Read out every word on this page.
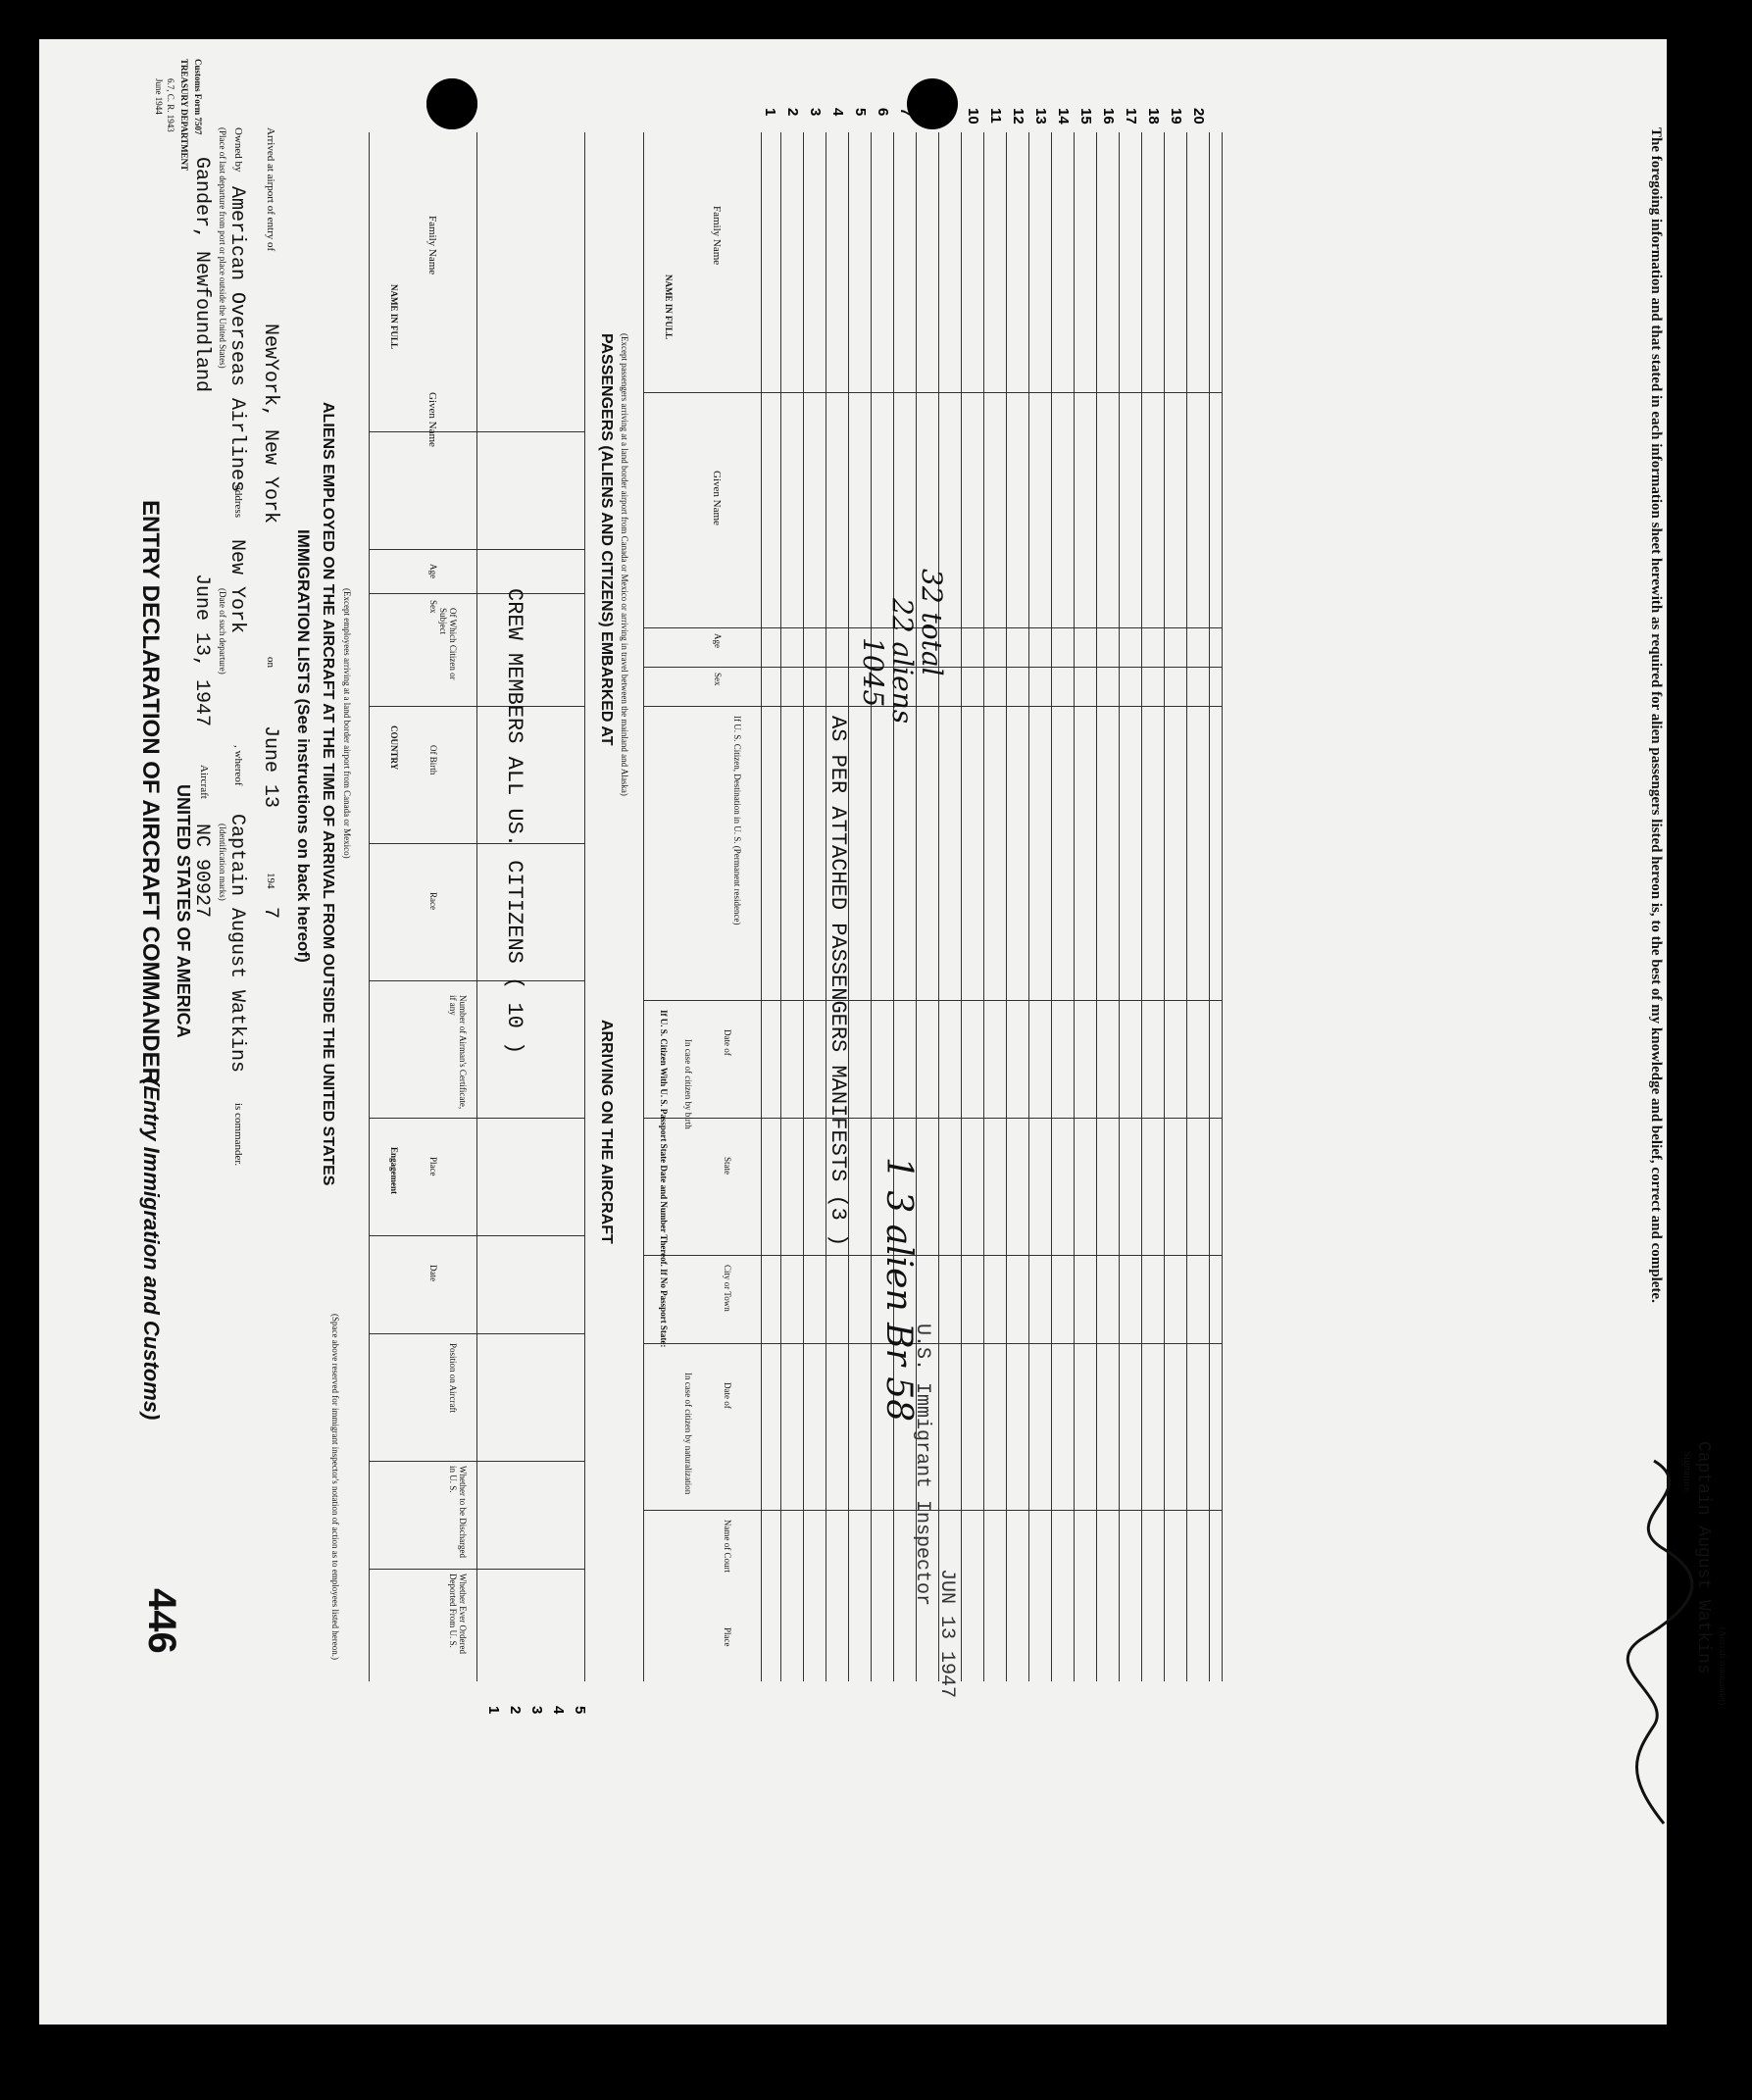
Customs Form 7507
TREASURY DEPARTMENT
6.7, C. R. 1943
June 1944
UNITED STATES OF AMERICA
ENTRY DECLARATION OF AIRCRAFT COMMANDER
(Entry Immigration and Customs)
446
Gander, Newfoundland (Place of last departure from port or place outside the United States)
June 13, 1947 (Date of such departure)
Aircraft
NC 90927 (Identification marks)
Owned by
American Overseas Airlines
address
New York
, whereof
Captain August Watkins
is commander.
Arrived at airport of entry of
NewYork, New York
on
June 13
194
7 IMMIGRATION LISTS (See instructions on back hereof) ALIENS EMPLOYED ON THE AIRCRAFT AT THE TIME OF ARRIVAL FROM OUTSIDE THE UNITED STATES (Except employees arriving at a land border airport from Canada or Mexico)
(Space above reserved for immigrant inspector's notation of action as to employees listed hereon.)
NAME IN FULL
Family Name
Given Name
Age
Sex
COUNTRY
Of Which Citizen or Subject
Of Birth
Race
Number of Airman's Certificate, if any
Engagement	Place
Date
Position on Aircraft
Whether to be Discharged in U. S.
Whether Ever Ordered Deported From U. S.
CREW MEMBERS ALL US. CITIZENS ( 10 )
1 2 3 4 5
PASSENGERS (ALIENS AND CITIZENS) EMBARKED AT
ARRIVING ON THE AIRCRAFT
(Except passengers arriving at a land border airport from Canada or Mexico or arriving in travel between the mainland and Alaska)
NAME IN FULL
Family Name
Given Name
Age
Sex
If U. S. Citizen, Destination in U. S. (Permanent residence)
If U. S. Citizen With U. S. Passport State Date and Number Thereof. If No Passport State: In case of citizen by birth
In case of citizen by naturalization
Date of
State
City or Town
Date of
Name of Court
Place
1 2 3 4 5 6 7 8 9 10 11 12 13 14 15 16 17 18 19 20
AS PER ATTACHED PASSENGERS MANIFESTS (3 )
1045
22 aliens
32 total
1 3 alien Br 58
U.S. Immigrant Inspector
JUN 13 1947
The foregoing information and that stated in each information sheet herewith as required for alien passengers listed hereon is, to the best of my knowledge and belief, correct and complete.
Signature Captain August Watkins (Aircraft commander)
